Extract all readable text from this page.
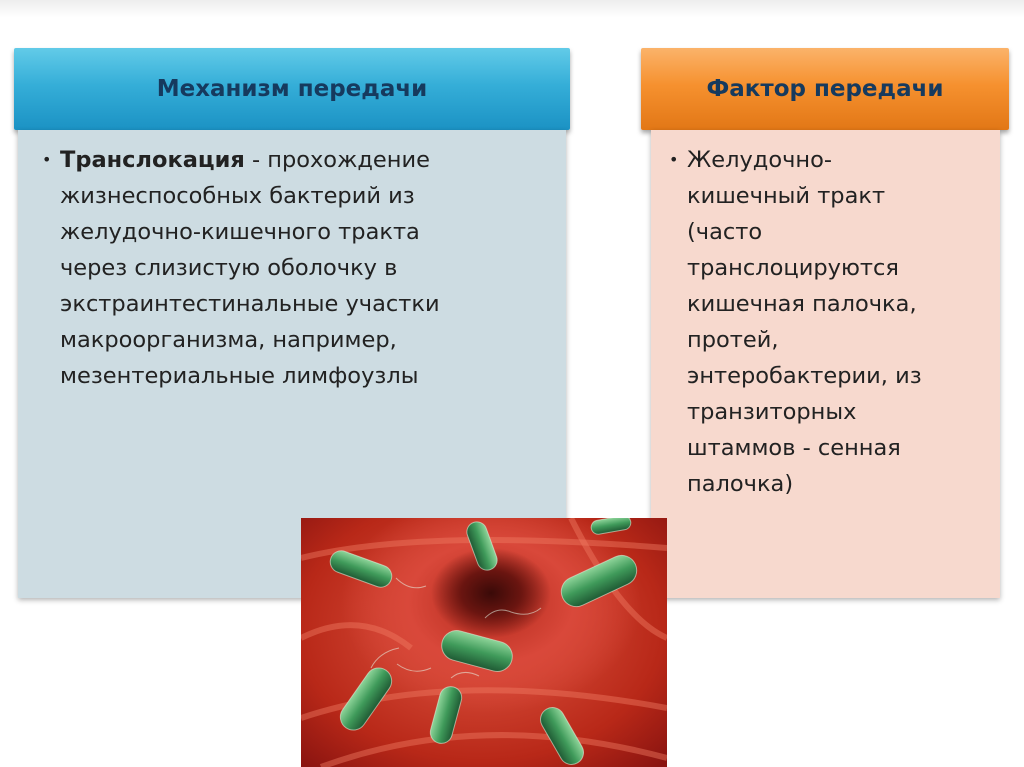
Механизм передачи
• Транслокация - прохождение
жизнеспособных бактерий из
желудочно-кишечного тракта
через слизистую оболочку в
экстраинтестинальные участки
макроорганизма, например,
мезентериальные лимфоузлы
Фактор передачи
• Желудочно-
кишечный тракт
(часто
транслоцируются
кишечная палочка,
протей,
энтеробактерии, из
транзиторных
штаммов - сенная
палочка)
